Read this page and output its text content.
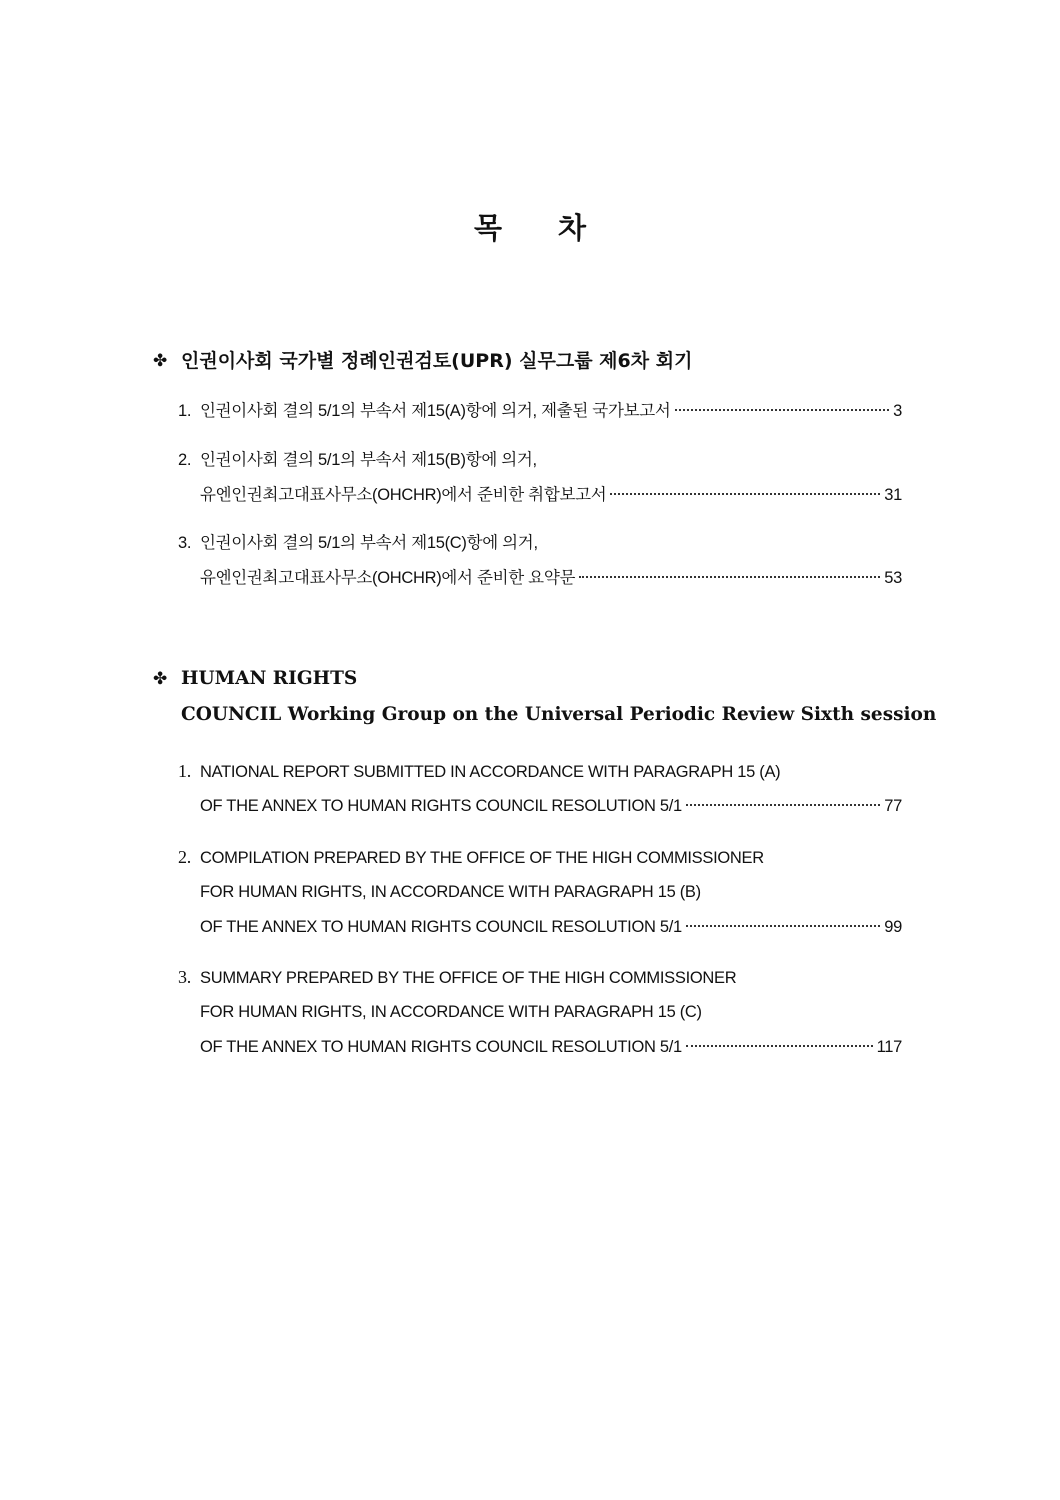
목 차
✤ 인권이사회 국가별 정례인권검토(UPR) 실무그룹 제6차 회기
1. 인권이사회 결의 5/1의 부속서 제15(A)항에 의거, 제출된 국가보고서	3
2. 인권이사회 결의 5/1의 부속서 제15(B)항에 의거,
유엔인권최고대표사무소(OHCHR)에서 준비한 취합보고서	31
3. 인권이사회 결의 5/1의 부속서 제15(C)항에 의거,
유엔인권최고대표사무소(OHCHR)에서 준비한 요약문	53
✤ HUMAN RIGHTS
COUNCIL Working Group on the Universal Periodic Review Sixth session
1. NATIONAL REPORT SUBMITTED IN ACCORDANCE WITH PARAGRAPH 15 (A)
OF THE ANNEX TO HUMAN RIGHTS COUNCIL RESOLUTION 5/1	77
2. COMPILATION PREPARED BY THE OFFICE OF THE HIGH COMMISSIONER
FOR HUMAN RIGHTS, IN ACCORDANCE WITH PARAGRAPH 15 (B)
OF THE ANNEX TO HUMAN RIGHTS COUNCIL RESOLUTION 5/1	99
3. SUMMARY PREPARED BY THE OFFICE OF THE HIGH COMMISSIONER
FOR HUMAN RIGHTS, IN ACCORDANCE WITH PARAGRAPH 15 (C)
OF THE ANNEX TO HUMAN RIGHTS COUNCIL RESOLUTION 5/1	117
